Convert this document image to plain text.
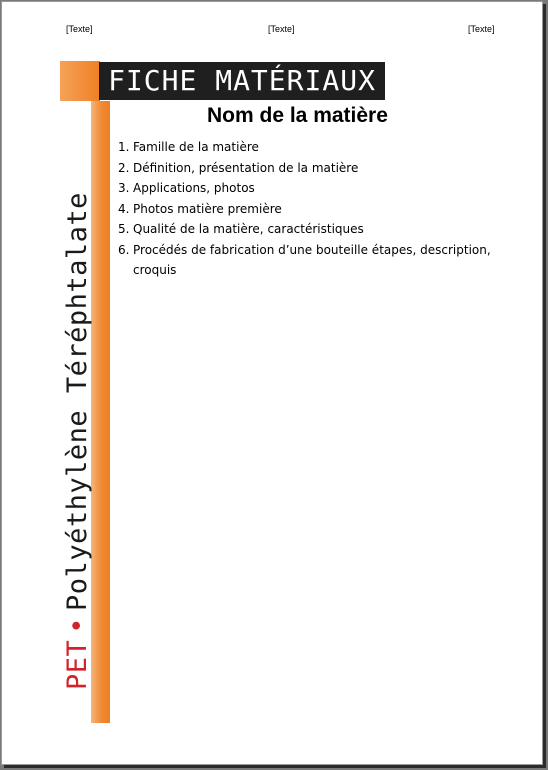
[Texte]	[Texte]	[Texte]
FICHE MATÉRIAUX
PET•Polyéthylène Téréphtalate
Nom de la matière
1. Famille de la matière
2. Définition, présentation de la matière
3. Applications, photos
4. Photos matière première
5. Qualité de la matière, caractéristiques
6. Procédés de fabrication d’une bouteille étapes, description, croquis
